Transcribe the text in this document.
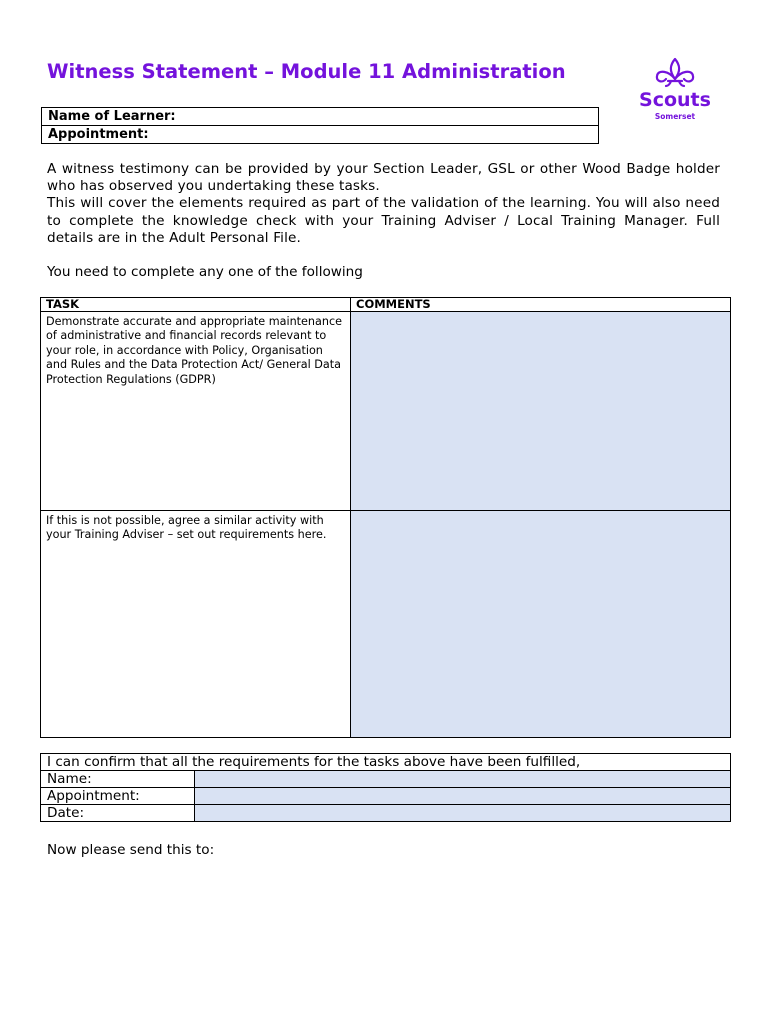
Witness Statement – Module 11 Administration
Scouts
Somerset
Name of Learner:
Appointment:

A witness testimony can be provided by your Section Leader, GSL or other Wood Badge holder who has observed you undertaking these tasks.

This will cover the elements required as part of the validation of the learning. You will also need to complete the knowledge check with your Training Adviser / Local Training Manager. Full details are in the Adult Personal File.

You need to complete any one of the following
TASK	COMMENTS
Demonstrate accurate and appropriate maintenance of administrative and financial records relevant to your role, in accordance with Policy, Organisation and Rules and the Data Protection Act/ General Data Protection Regulations (GDPR)	
If this is not possible, agree a similar activity with your Training Adviser – set out requirements here.	
I can confirm that all the requirements for the tasks above have been fulfilled,	
Name:	
Appointment:	
Date:	
Now please send this to:
